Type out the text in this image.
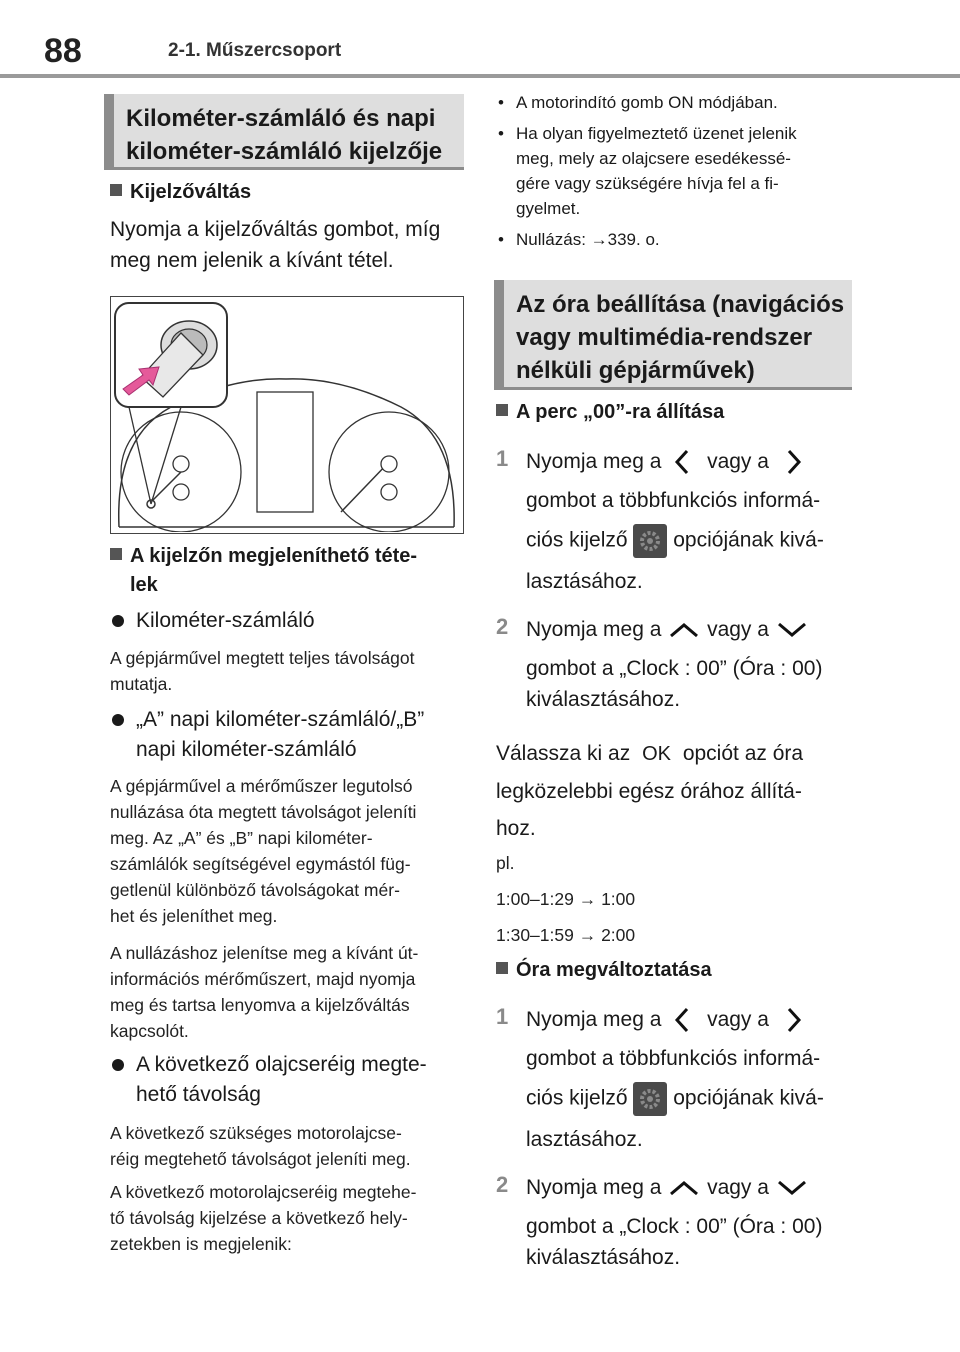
88	2-1. Műszercsoport
Kilométer-számláló és napi
kilométer-számláló kijelzője
Kijelzőváltás
Nyomja a kijelzőváltás gombot, míg
meg nem jelenik a kívánt tétel.
A kijelzőn megjeleníthető téte-
lek
Kilométer-számláló
A gépjárművel megtett teljes távolságot
mutatja.
„A” napi kilométer-számláló/„B”
napi kilométer-számláló
A gépjárművel a mérőműszer legutolsó
nullázása óta megtett távolságot jeleníti
meg. Az „A” és „B” napi kilométer-
számlálók segítségével egymástól füg-
getlenül különböző távolságokat mér-
het és jeleníthet meg.
A nullázáshoz jelenítse meg a kívánt út-
információs mérőműszert, majd nyomja
meg és tartsa lenyomva a kijelzőváltás
kapcsolót.
A következő olajcseréig megte-
hető távolság
A következő szükséges motorolajcse-
réig megtehető távolságot jeleníti meg.
A következő motorolajcseréig megtehe-
tő távolság kijelzése a következő hely-
zetekben is megjelenik:
• A motorindító gomb ON módjában.
• Ha olyan figyelmeztető üzenet jelenik
meg, mely az olajcsere esedékessé-
gére vagy szükségére hívja fel a fi-
gyelmet.
• Nullázás: →339. o.
Az óra beállítása (navigációs
vagy multimédia-rendszer
nélküli gépjárművek)
A perc „00”-ra állítása
1 Nyomja meg a vagy a
gombot a többfunkciós informá-
ciós kijelző opciójának kivá-
lasztásához.
2 Nyomja meg a vagy a
gombot a „Clock : 00” (Óra : 00)
kiválasztásához.
Válassza ki az OK opciót az óra
legközelebbi egész órához állítá-
hoz.
pl.
1:00–1:29 → 1:00
1:30–1:59 → 2:00
Óra megváltoztatása
1 Nyomja meg a vagy a
gombot a többfunkciós informá-
ciós kijelző opciójának kivá-
lasztásához.
2 Nyomja meg a vagy a
gombot a „Clock : 00” (Óra : 00)
kiválasztásához.
